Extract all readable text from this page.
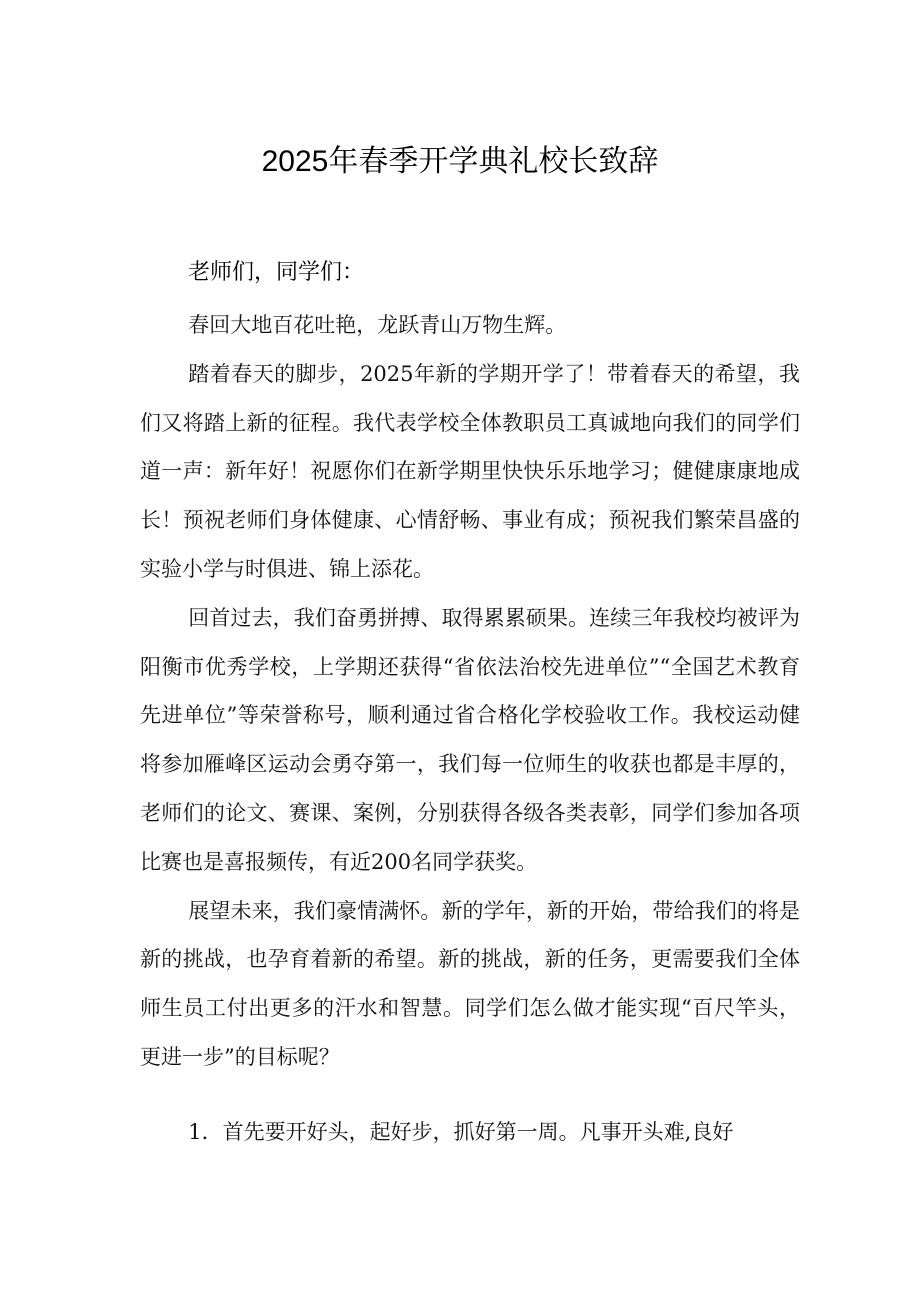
2025年春季开学典礼校长致辞

老师们，同学们：

春回大地百花吐艳，龙跃青山万物生辉。

踏着春天的脚步，2025年新的学期开学了！带着春天的希望，我们又将踏上新的征程。我代表学校全体教职员工真诚地向我们的同学们道一声：新年好！祝愿你们在新学期里快快乐乐地学习；健健康康地成长！预祝老师们身体健康、心情舒畅、事业有成；预祝我们繁荣昌盛的实验小学与时俱进、锦上添花。

回首过去，我们奋勇拼搏、取得累累硕果。连续三年我校均被评为阳衡市优秀学校，上学期还获得“省依法治校先进单位”“全国艺术教育先进单位”等荣誉称号，顺利通过省合格化学校验收工作。我校运动健将参加雁峰区运动会勇夺第一，我们每一位师生的收获也都是丰厚的，老师们的论文、赛课、案例，分别获得各级各类表彰，同学们参加各项比赛也是喜报频传，有近200名同学获奖。

展望未来，我们豪情满怀。新的学年，新的开始，带给我们的将是新的挑战，也孕育着新的希望。新的挑战，新的任务，更需要我们全体师生员工付出更多的汗水和智慧。同学们怎么做才能实现“百尺竿头，更进一步”的目标呢？

1．首先要开好头，起好步，抓好第一周。凡事开头难,良好
